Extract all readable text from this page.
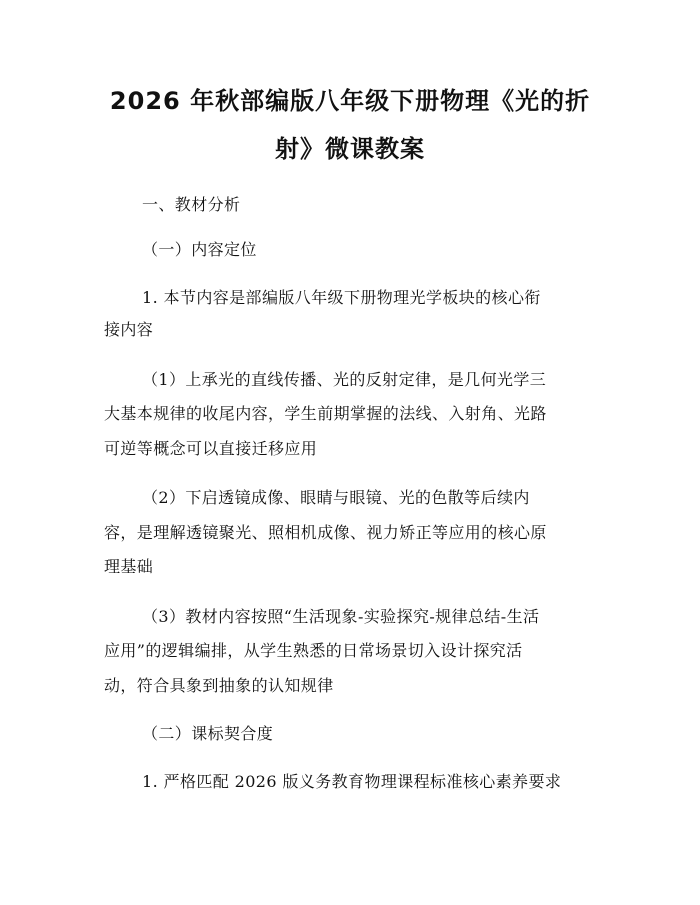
2026 年秋部编版八年级下册物理《光的折
射》微课教案

一、教材分析

（一）内容定位

1. 本节内容是部编版八年级下册物理光学板块的核心衔

接内容

（1）上承光的直线传播、光的反射定律，是几何光学三

大基本规律的收尾内容，学生前期掌握的法线、入射角、光路

可逆等概念可以直接迁移应用

（2）下启透镜成像、眼睛与眼镜、光的色散等后续内

容，是理解透镜聚光、照相机成像、视力矫正等应用的核心原

理基础

（3）教材内容按照“生活现象-实验探究-规律总结-生活

应用”的逻辑编排，从学生熟悉的日常场景切入设计探究活

动，符合具象到抽象的认知规律

（二）课标契合度

1. 严格匹配 2026 版义务教育物理课程标准核心素养要求
